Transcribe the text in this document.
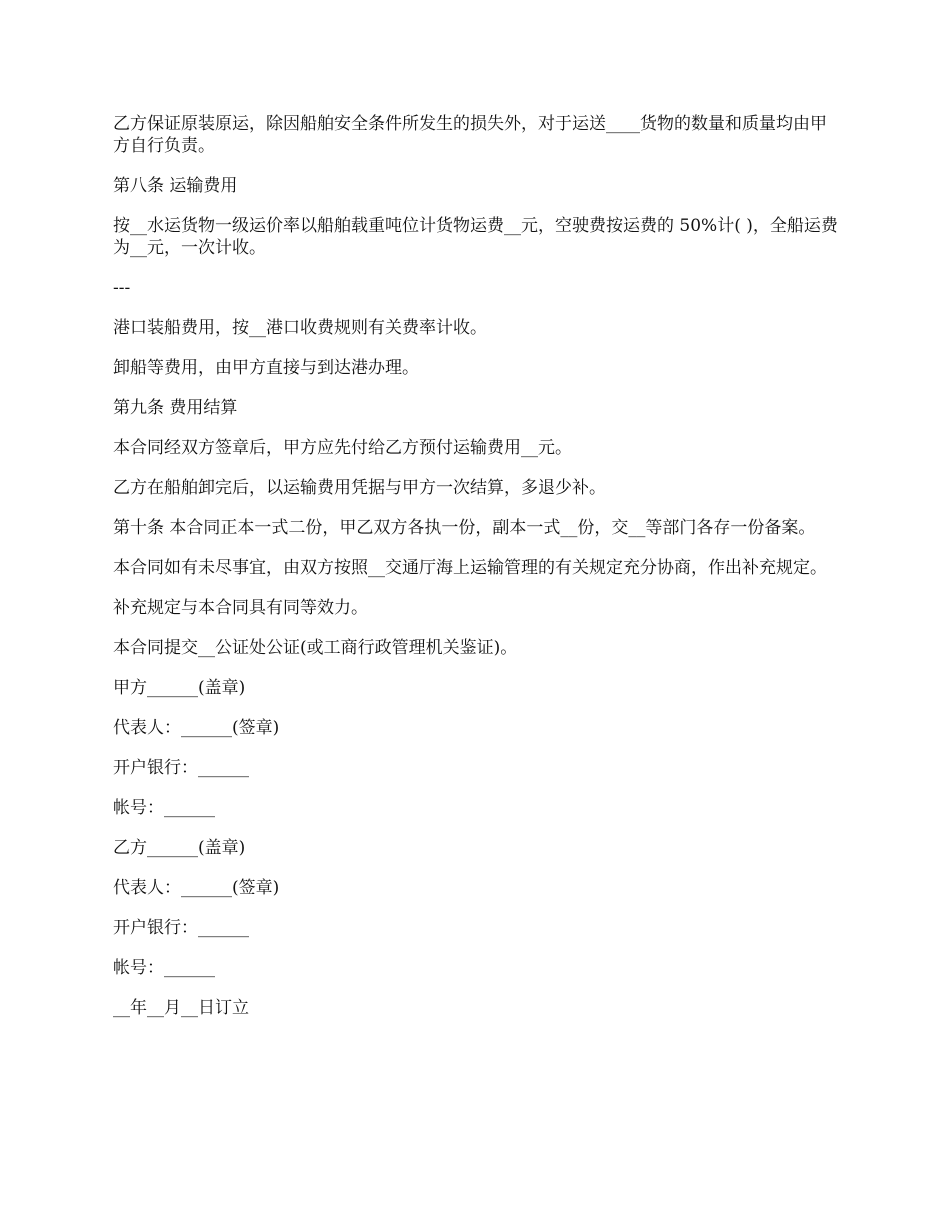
乙方保证原装原运，除因船舶安全条件所发生的损失外，对于运送____货物的数量和质量均由甲方自行负责。

第八条 运输费用

按__水运货物一级运价率以船舶载重吨位计货物运费__元，空驶费按运费的 50%计( )，全船运费为__元，一次计收。

---

港口装船费用，按__港口收费规则有关费率计收。

卸船等费用，由甲方直接与到达港办理。

第九条 费用结算

本合同经双方签章后，甲方应先付给乙方预付运输费用__元。

乙方在船舶卸完后，以运输费用凭据与甲方一次结算，多退少补。

第十条 本合同正本一式二份，甲乙双方各执一份，副本一式__份，交__等部门各存一份备案。

本合同如有未尽事宜，由双方按照__交通厅海上运输管理的有关规定充分协商，作出补充规定。

补充规定与本合同具有同等效力。

本合同提交__公证处公证(或工商行政管理机关鉴证)。

甲方______(盖章)

代表人：______(签章)

开户银行：______

帐号：______

乙方______(盖章)

代表人：______(签章)

开户银行：______

帐号：______

__年__月__日订立
